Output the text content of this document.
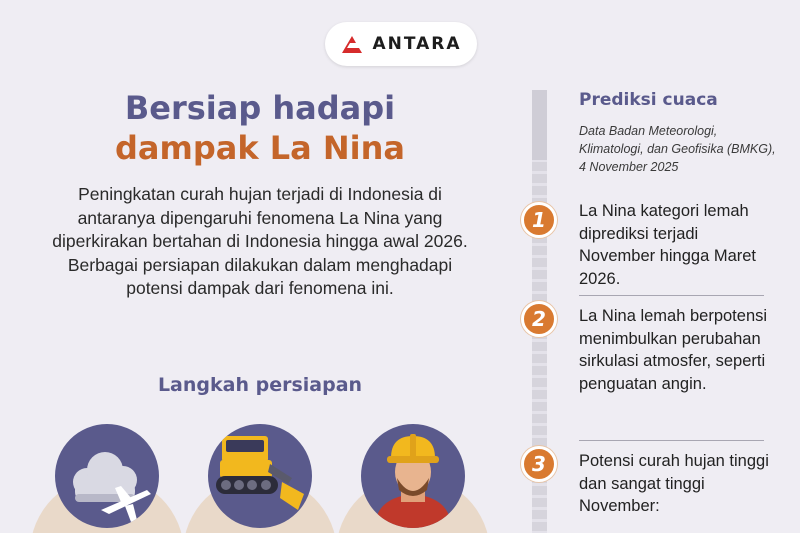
ANTARA
Bersiap hadapi
dampak La Nina
Peningkatan curah hujan terjadi di Indonesia di antaranya dipengaruhi fenomena La Nina yang diperkirakan bertahan di Indonesia hingga awal 2026. Berbagai persiapan dilakukan dalam menghadapi potensi dampak dari fenomena ini.
Langkah persiapan
Prediksi cuaca
Data Badan Meteorologi, Klimatologi, dan Geofisika (BMKG), 4 November 2025
1	La Nina kategori lemah diprediksi terjadi November hingga Maret 2026.
2	La Nina lemah berpotensi menimbulkan perubahan sirkulasi atmosfer, seperti penguatan angin.
3	Potensi curah hujan tinggi dan sangat tinggi November:
